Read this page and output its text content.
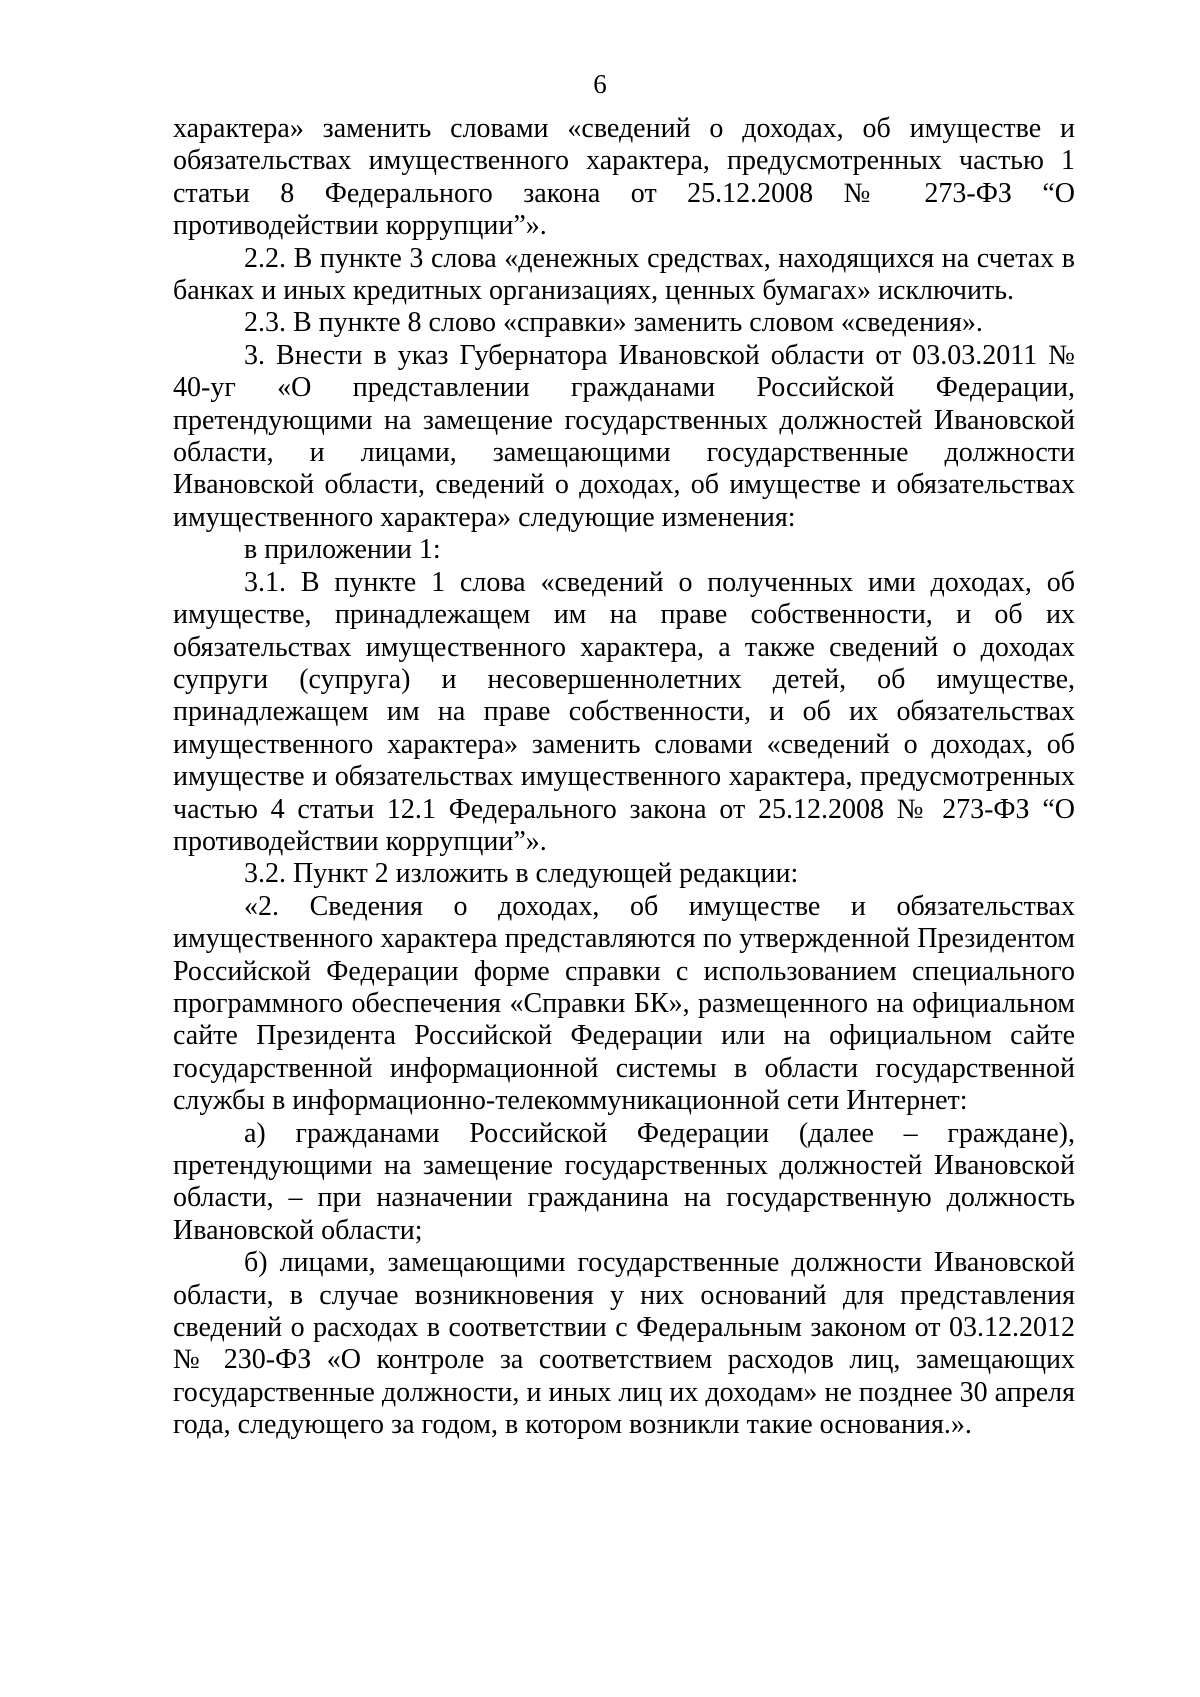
6

характера» заменить словами «сведений о доходах, об имуществе и обязательствах имущественного характера, предусмотренных частью 1 статьи 8 Федерального закона от 25.12.2008 № 273-ФЗ “О противодействии коррупции”».

2.2. В пункте 3 слова «денежных средствах, находящихся на счетах в банках и иных кредитных организациях, ценных бумагах» исключить.

2.3. В пункте 8 слово «справки» заменить словом «сведения».

3. Внести в указ Губернатора Ивановской области от 03.03.2011 № 40-уг «О представлении гражданами Российской Федерации, претендующими на замещение государственных должностей Ивановской области, и лицами, замещающими государственные должности Ивановской области, сведений о доходах, об имуществе и обязательствах имущественного характера» следующие изменения:

в приложении 1:

3.1. В пункте 1 слова «сведений о полученных ими доходах, об имуществе, принадлежащем им на праве собственности, и об их обязательствах имущественного характера, а также сведений о доходах супруги (супруга) и несовершеннолетних детей, об имуществе, принадлежащем им на праве собственности, и об их обязательствах имущественного характера» заменить словами «сведений о доходах, об имуществе и обязательствах имущественного характера, предусмотренных частью 4 статьи 12.1 Федерального закона от 25.12.2008 № 273-ФЗ “О противодействии коррупции”».

3.2. Пункт 2 изложить в следующей редакции:

«2. Сведения о доходах, об имуществе и обязательствах имущественного характера представляются по утвержденной Президентом Российской Федерации форме справки с использованием специального программного обеспечения «Справки БК», размещенного на официальном сайте Президента Российской Федерации или на официальном сайте государственной информационной системы в области государственной службы в информационно-телекоммуникационной сети Интернет:

а) гражданами Российской Федерации (далее – граждане), претендующими на замещение государственных должностей Ивановской области, – при назначении гражданина на государственную должность Ивановской области;

б) лицами, замещающими государственные должности Ивановской области, в случае возникновения у них оснований для представления сведений о расходах в соответствии с Федеральным законом от 03.12.2012 № 230-ФЗ «О контроле за соответствием расходов лиц, замещающих государственные должности, и иных лиц их доходам» не позднее 30 апреля года, следующего за годом, в котором возникли такие основания.».
